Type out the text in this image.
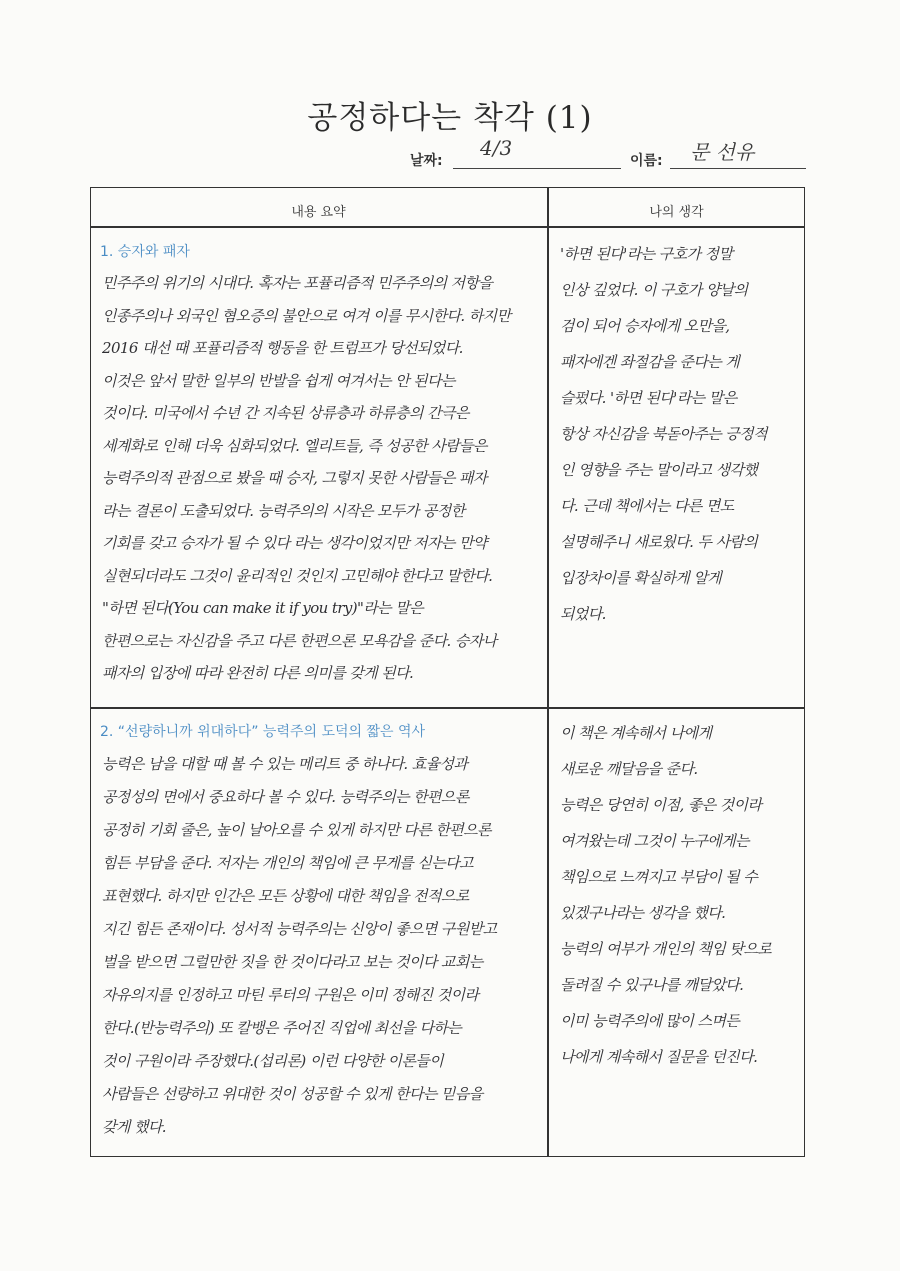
공정하다는 착각 (1)
날짜:
4/3
이름: 문 선유
내용 요약	나의 생각
1. 승자와 패자
민주주의 위기의 시대다. 혹자는 포퓰리즘적 민주주의의 저항을
인종주의나 외국인 혐오증의 불안으로 여겨 이를 무시한다. 하지만
2016 대선 때 포퓰리즘적 행동을 한 트럼프가 당선되었다.
이것은 앞서 말한 일부의 반발을 쉽게 여겨서는 안 된다는
것이다. 미국에서 수년 간 지속된 상류층과 하류층의 간극은
세계화로 인해 더욱 심화되었다. 엘리트들, 즉 성공한 사람들은
능력주의적 관점으로 봤을 때 승자, 그렇지 못한 사람들은 패자
라는 결론이 도출되었다. 능력주의의 시작은 모두가 공정한
기회를 갖고 승자가 될 수 있다 라는 생각이었지만 저자는 만약
실현되더라도 그것이 윤리적인 것인지 고민해야 한다고 말한다.
"하면 된다(You can make it if you try)"라는 말은
한편으로는 자신감을 주고 다른 한편으론 모욕감을 준다. 승자나
'하면 된다'라는 구호가 정말
인상 깊었다. 이 구호가 양날의
검이 되어 승자에게 오만을,
패자에겐 좌절감을 준다는 게
슬펐다. '하면 된다'라는 말은
항상 자신감을 북돋아주는 긍정적
인 영향을 주는 말이라고 생각했
다. 근데 책에서는 다른 면도
설명해주니 새로웠다. 두 사람의
입장차이를 확실하게 알게
되었다.
2. “선량하니까 위대하다” 능력주의 도덕의 짧은 역사
능력은 남을 대할 때 볼 수 있는 메리트 중 하나다. 효율성과
공정성의 면에서 중요하다 볼 수 있다. 능력주의는 한편으론
공정히 기회 줄은, 높이 날아오를 수 있게 하지만 다른 한편으론
힘든 부담을 준다. 저자는 개인의 책임에 큰 무게를 싣는다고
표현했다. 하지만 인간은 모든 상황에 대한 책임을 전적으로
지긴 힘든 존재이다. 성서적 능력주의는 신앙이 좋으면 구원받고
벌을 받으면 그럴만한 짓을 한 것이다라고 보는 것이다 교회는
자유의지를 인정하고 마틴 루터의 구원은 이미 정해진 것이라
한다.(반능력주의) 또 칼뱅은 주어진 직업에 최선을 다하는
것이 구원이라 주장했다.(섭리론) 이런 다양한 이론들이
사람들은 선량하고 위대한 것이 성공할 수 있게 한다는 믿음을
갖게 했다.
이 책은 계속해서 나에게
새로운 깨달음을 준다.
능력은 당연히 이점, 좋은 것이라
여겨왔는데 그것이 누구에게는
책임으로 느껴지고 부담이 될 수
있겠구나라는 생각을 했다.
능력의 여부가 개인의 책임 탓으로
돌려질 수 있구나를 깨달았다.
이미 능력주의에 많이 스며든
나에게 계속해서 질문을 던진다.
패자의 입장에 따라 완전히 다른 의미를 갖게 된다.
